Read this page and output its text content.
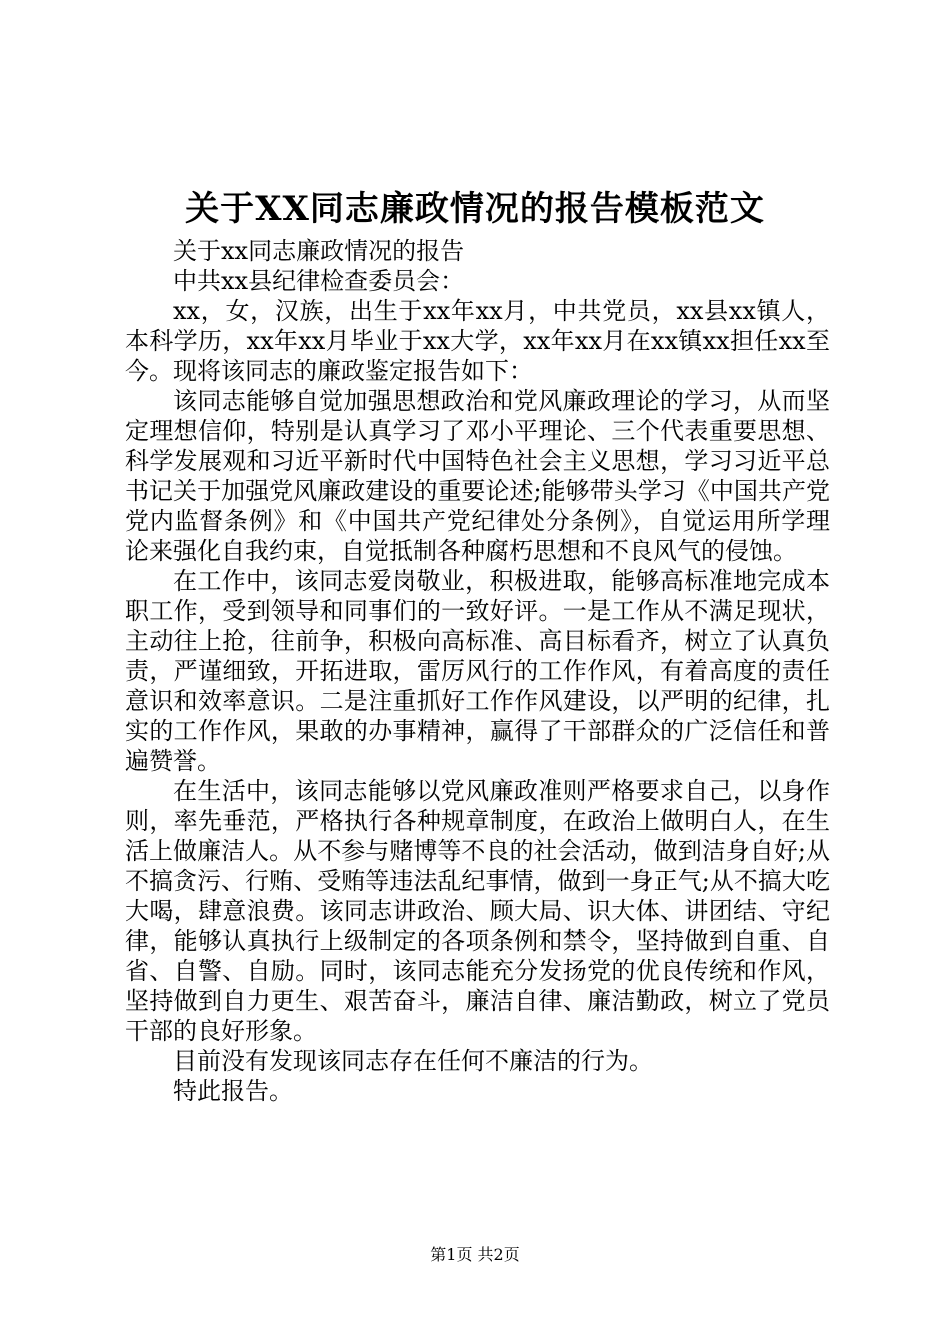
关于XX同志廉政情况的报告模板范文

关于xx同志廉政情况的报告

中共xx县纪律检查委员会：

xx，女，汉族，出生于xx年xx月，中共党员，xx县xx镇人，本科学历，xx年xx月毕业于xx大学，xx年xx月在xx镇xx担任xx至今。现将该同志的廉政鉴定报告如下：

该同志能够自觉加强思想政治和党风廉政理论的学习，从而坚定理想信仰，特别是认真学习了邓小平理论、三个代表重要思想、科学发展观和习近平新时代中国特色社会主义思想，学习习近平总书记关于加强党风廉政建设的重要论述;能够带头学习《中国共产党党内监督条例》和《中国共产党纪律处分条例》，自觉运用所学理论来强化自我约束，自觉抵制各种腐朽思想和不良风气的侵蚀。

在工作中，该同志爱岗敬业，积极进取，能够高标准地完成本职工作，受到领导和同事们的一致好评。一是工作从不满足现状，主动往上抢，往前争，积极向高标准、高目标看齐，树立了认真负责，严谨细致，开拓进取，雷厉风行的工作作风，有着高度的责任意识和效率意识。二是注重抓好工作作风建设，以严明的纪律，扎实的工作作风，果敢的办事精神，赢得了干部群众的广泛信任和普遍赞誉。

在生活中，该同志能够以党风廉政准则严格要求自己，以身作则，率先垂范，严格执行各种规章制度，在政治上做明白人，在生活上做廉洁人。从不参与赌博等不良的社会活动，做到洁身自好;从不搞贪污、行贿、受贿等违法乱纪事情，做到一身正气;从不搞大吃大喝，肆意浪费。该同志讲政治、顾大局、识大体、讲团结、守纪律，能够认真执行上级制定的各项条例和禁令，坚持做到自重、自省、自警、自励。同时，该同志能充分发扬党的优良传统和作风，坚持做到自力更生、艰苦奋斗，廉洁自律、廉洁勤政，树立了党员干部的良好形象。

目前没有发现该同志存在任何不廉洁的行为。

特此报告。

第1页 共2页
